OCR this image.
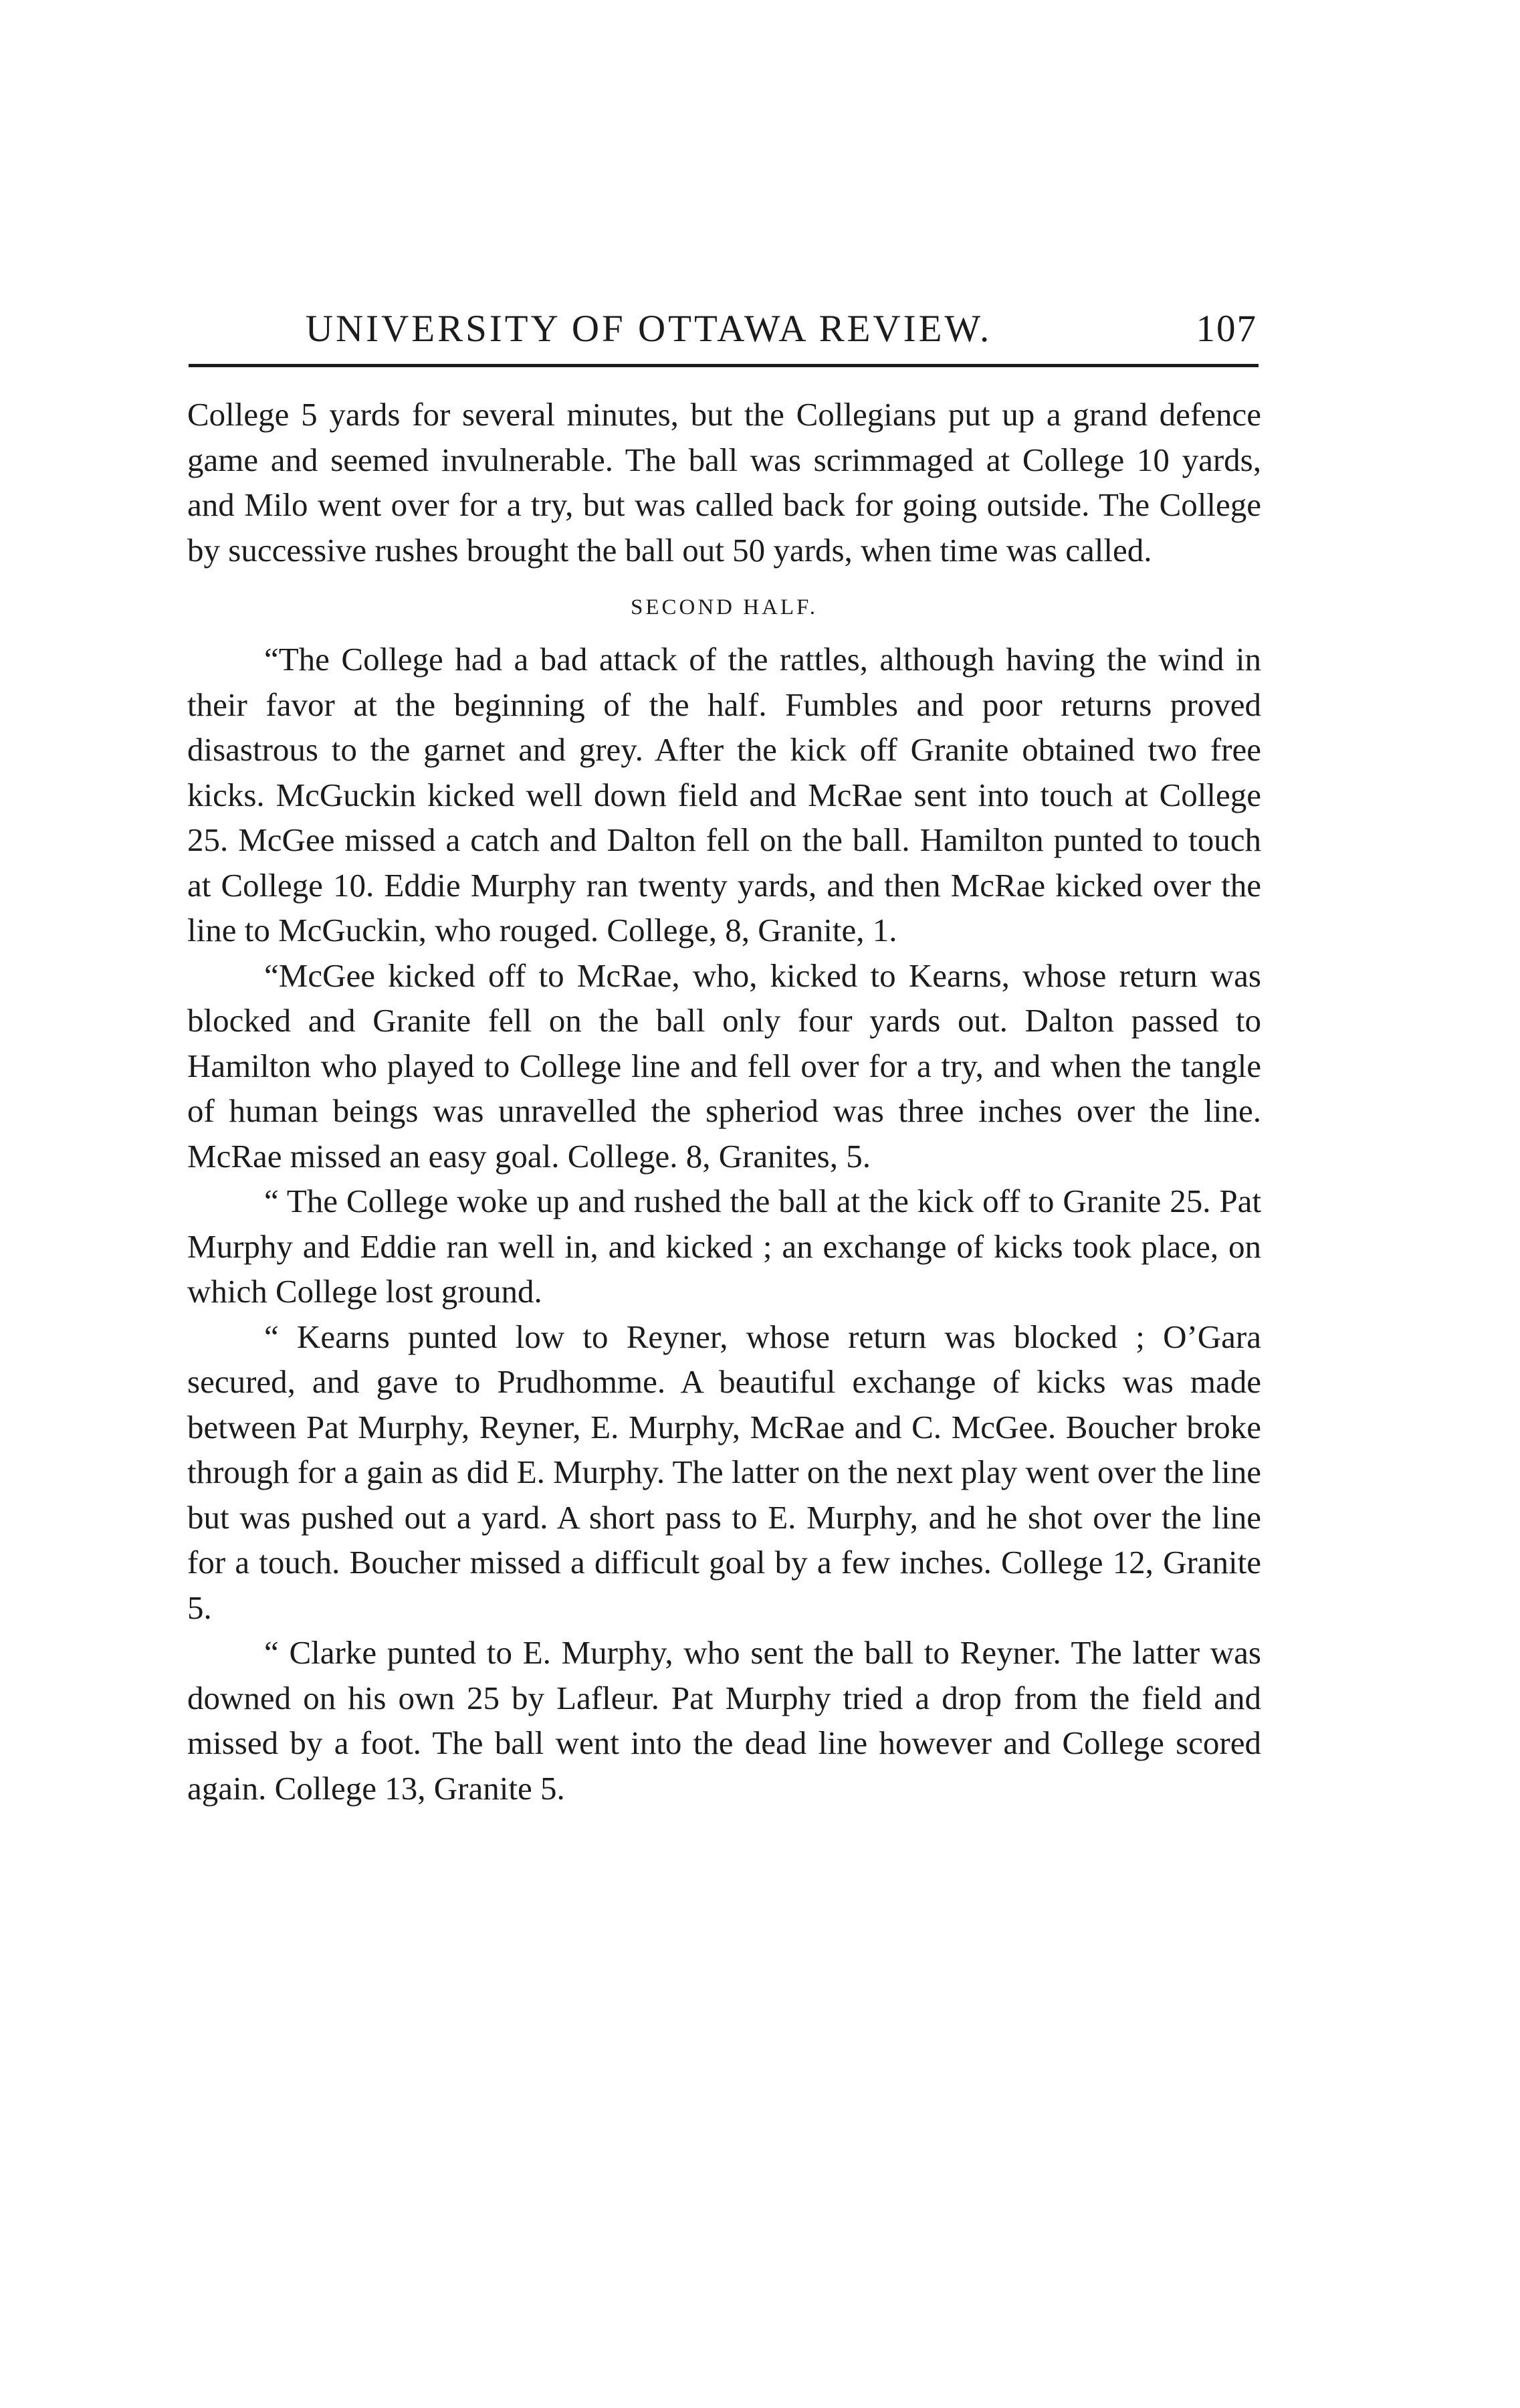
UNIVERSITY OF OTTAWA REVIEW.	107

College 5 yards for several minutes, but the Collegians put up a grand defence game and seemed invulnerable. The ball was scrimmaged at College 10 yards, and Milo went over for a try, but was called back for going outside. The College by successive rushes brought the ball out 50 yards, when time was called.

SECOND HALF.

“The College had a bad attack of the rattles, although having the wind in their favor at the beginning of the half. Fumbles and poor returns proved disastrous to the garnet and grey. After the kick off Granite obtained two free kicks. McGuckin kicked well down field and McRae sent into touch at College 25. McGee missed a catch and Dalton fell on the ball. Hamilton punted to touch at College 10. Eddie Murphy ran twenty yards, and then McRae kicked over the line to McGuckin, who rouged. College, 8, Granite, 1.

“McGee kicked off to McRae, who, kicked to Kearns, whose return was blocked and Granite fell on the ball only four yards out. Dalton passed to Hamilton who played to College line and fell over for a try, and when the tangle of human beings was unravelled the spheriod was three inches over the line. McRae missed an easy goal. College. 8, Granites, 5.

“ The College woke up and rushed the ball at the kick off to Granite 25. Pat Murphy and Eddie ran well in, and kicked ; an exchange of kicks took place, on which College lost ground.

“ Kearns punted low to Reyner, whose return was blocked ; O’Gara secured, and gave to Prudhomme. A beautiful exchange of kicks was made between Pat Murphy, Reyner, E. Murphy, McRae and C. McGee. Boucher broke through for a gain as did E. Murphy. The latter on the next play went over the line but was pushed out a yard. A short pass to E. Murphy, and he shot over the line for a touch. Boucher missed a difficult goal by a few inches. College 12, Granite 5.

“ Clarke punted to E. Murphy, who sent the ball to Reyner. The latter was downed on his own 25 by Lafleur. Pat Murphy tried a drop from the field and missed by a foot. The ball went into the dead line however and College scored again. College 13, Granite 5.
